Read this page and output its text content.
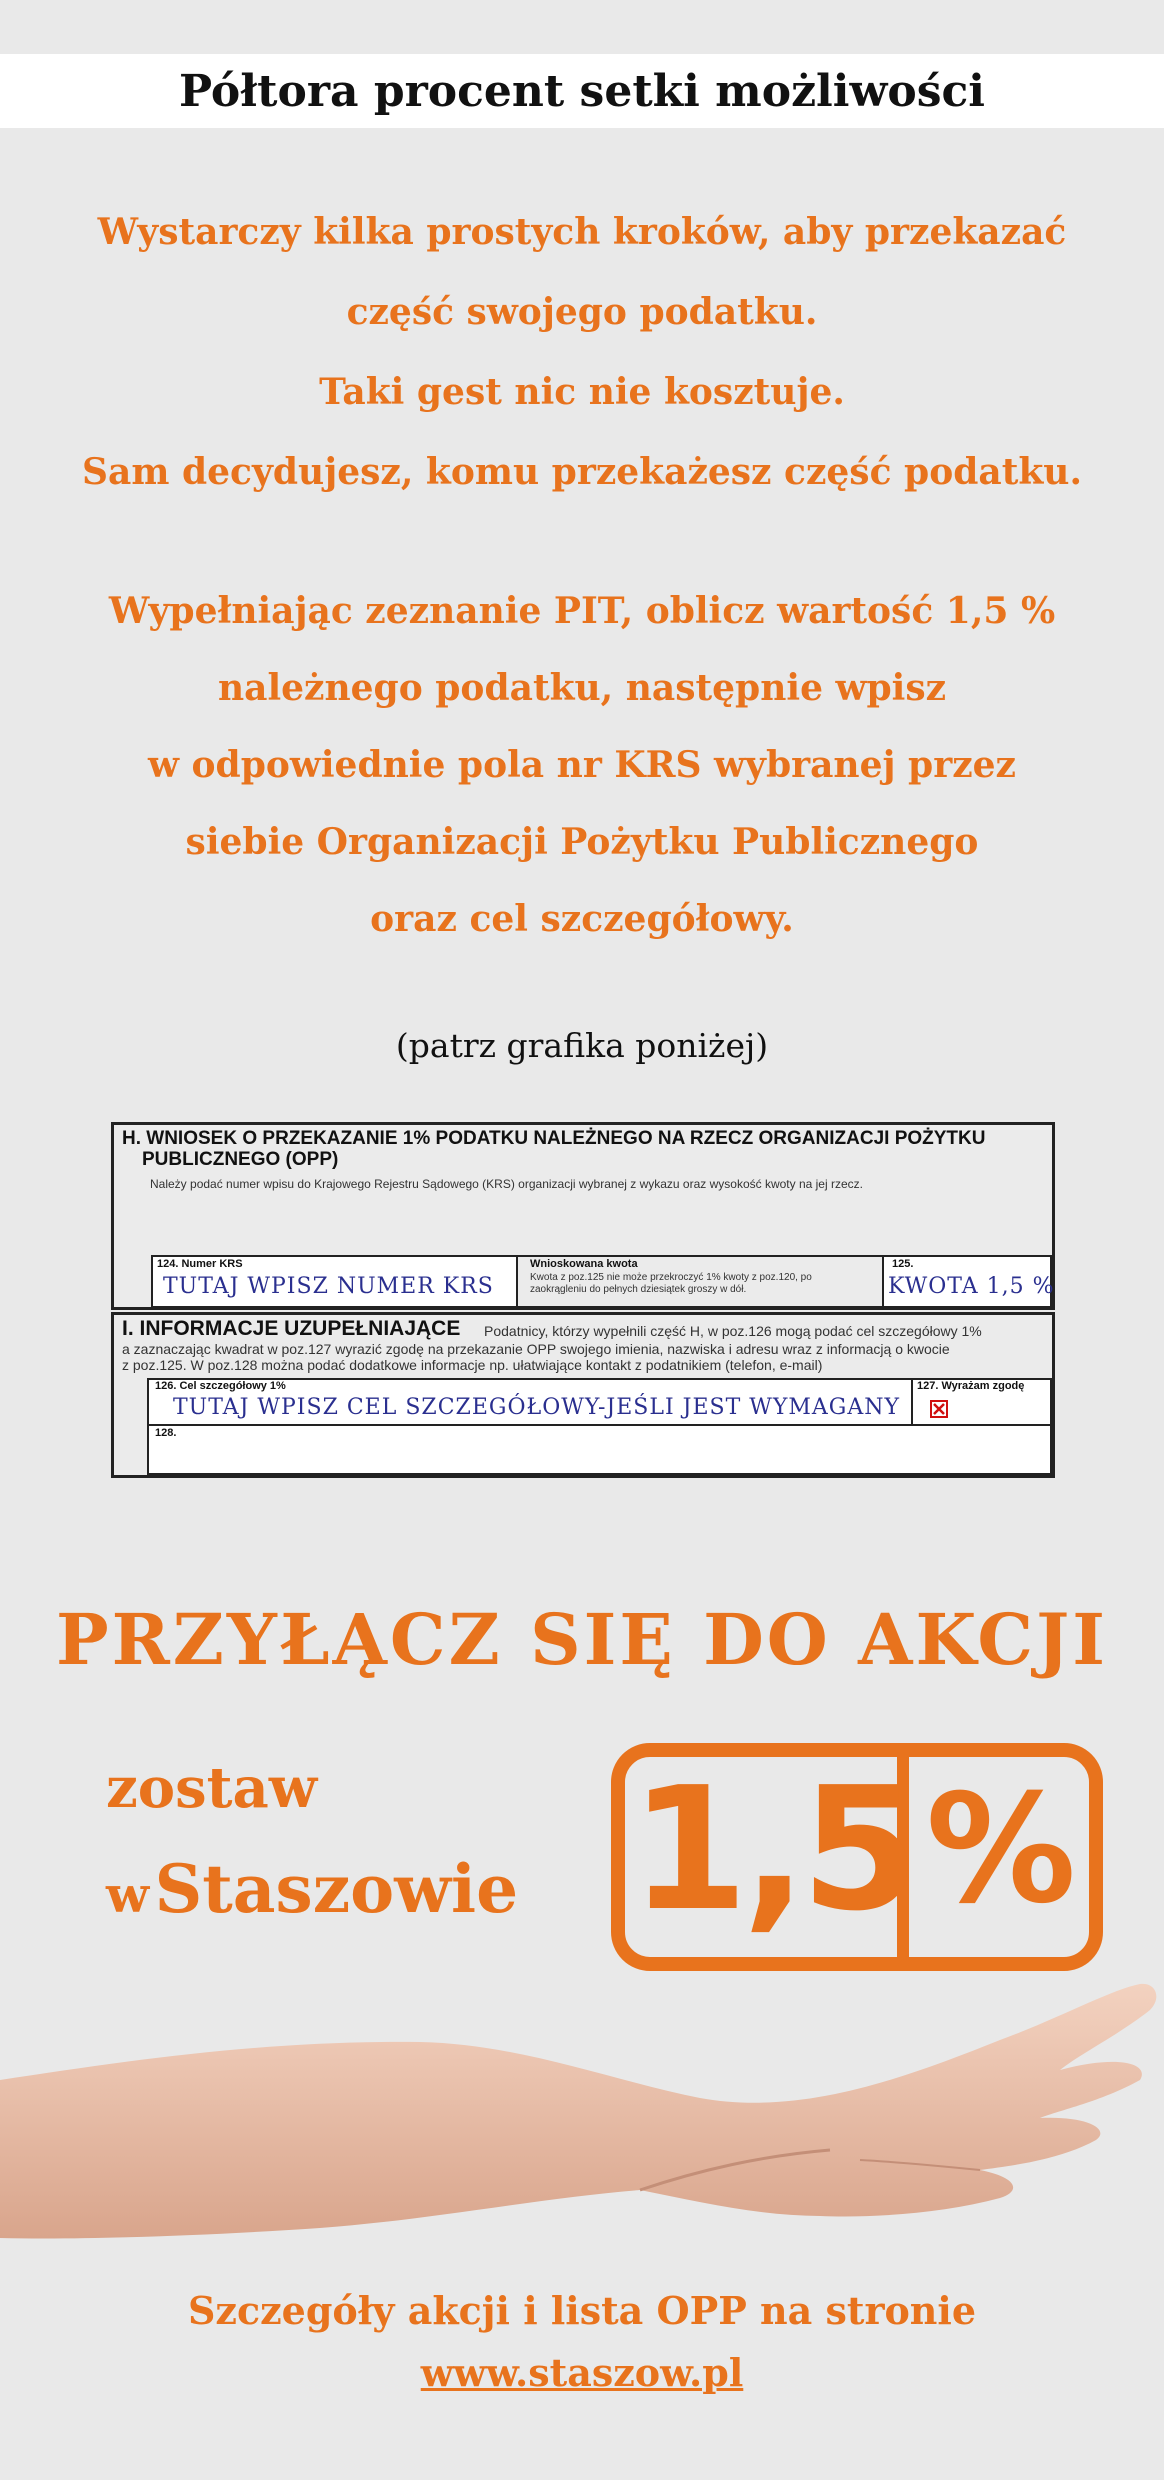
Półtora procent setki możliwości
Wystarczy kilka prostych kroków, aby przekazać
część swojego podatku.
Taki gest nic nie kosztuje.
Sam decydujesz, komu przekażesz część podatku.
Wypełniając zeznanie PIT, oblicz wartość 1,5 %
należnego podatku, następnie wpisz
w odpowiednie pola nr KRS wybranej przez
siebie Organizacji Pożytku Publicznego
oraz cel szczegółowy.
(patrz grafika poniżej)
H. WNIOSEK O PRZEKAZANIE 1% PODATKU NALEŻNEGO NA RZECZ ORGANIZACJI POŻYTKU
PUBLICZNEGO (OPP)
Należy podać numer wpisu do Krajowego Rejestru Sądowego (KRS) organizacji wybranej z wykazu oraz wysokość kwoty na jej rzecz.
124. Numer KRS
TUTAJ WPISZ NUMER KRS
Wnioskowana kwota
Kwota z poz.125 nie może przekroczyć 1% kwoty z poz.120, po
zaokrągleniu do pełnych dziesiątek groszy w dół.
125.
KWOTA 1,5 %
I. INFORMACJE UZUPEŁNIAJĄCE Podatnicy, którzy wypełnili część H, w poz.126 mogą podać cel szczegółowy 1%
a zaznaczając kwadrat w poz.127 wyrazić zgodę na przekazanie OPP swojego imienia, nazwiska i adresu wraz z informacją o kwocie
z poz.125. W poz.128 można podać dodatkowe informacje np. ułatwiające kontakt z podatnikiem (telefon, e-mail)
126. Cel szczegółowy 1%
TUTAJ WPISZ CEL SZCZEGÓŁOWY-JEŚLI JEST WYMAGANY
127. Wyrażam zgodę
128.
PRZYŁĄCZ SIĘ DO AKCJI
zostaw
w Staszowie 1,5 %
Szczegóły akcji i lista OPP na stronie
www.staszow.pl
